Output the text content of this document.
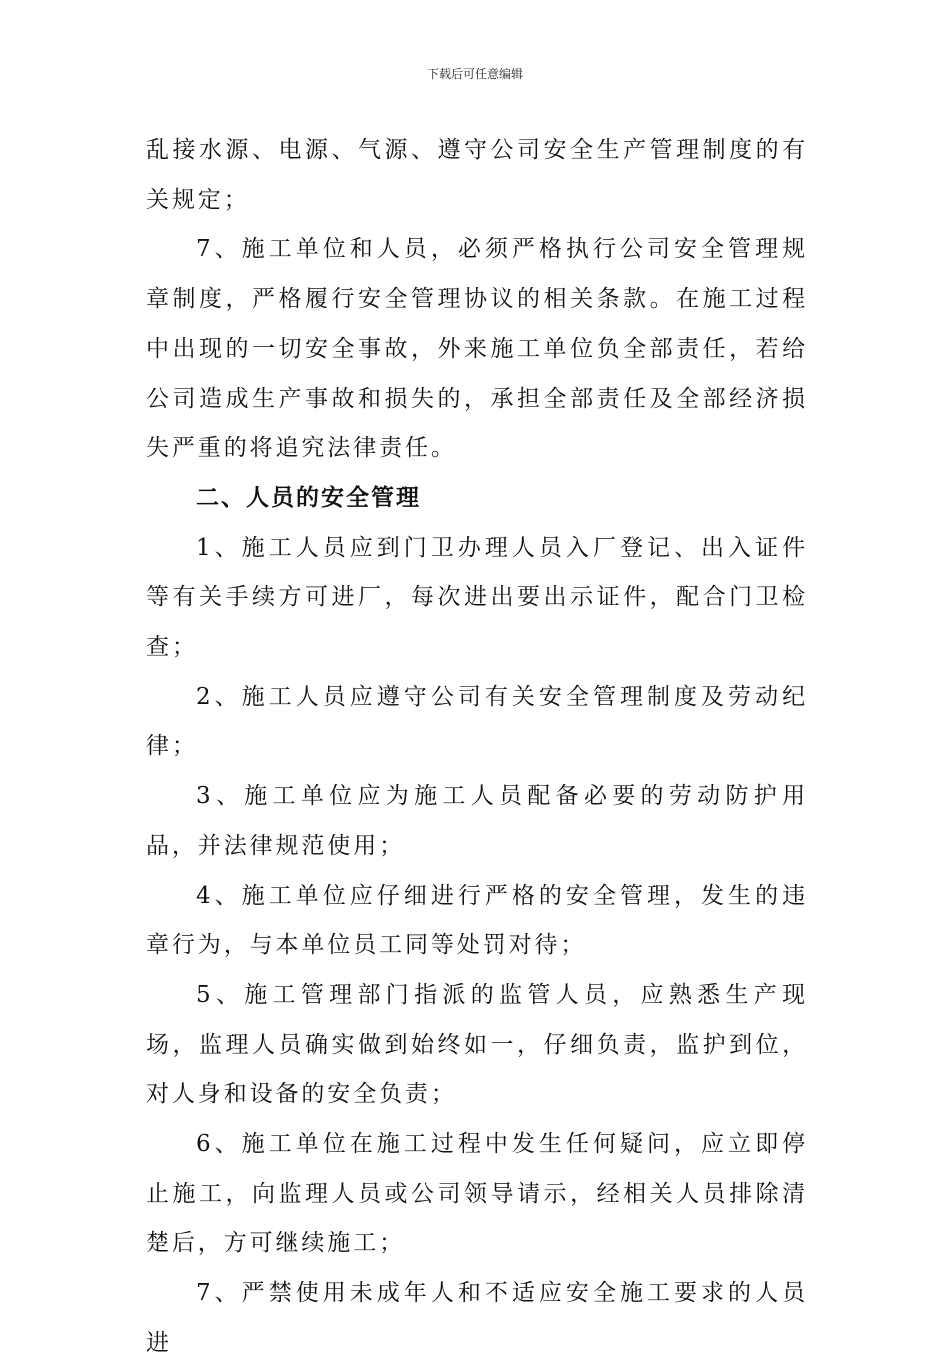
下载后可任意编辑

乱接水源、电源、气源、遵守公司安全生产管理制度的有关规定；

7、施工单位和人员，必须严格执行公司安全管理规章制度，严格履行安全管理协议的相关条款。在施工过程中出现的一切安全事故，外来施工单位负全部责任，若给公司造成生产事故和损失的，承担全部责任及全部经济损失严重的将追究法律责任。

二、人员的安全管理

1、施工人员应到门卫办理人员入厂登记、出入证件等有关手续方可进厂，每次进出要出示证件，配合门卫检查；

2、施工人员应遵守公司有关安全管理制度及劳动纪律；

3、施工单位应为施工人员配备必要的劳动防护用品，并法律规范使用；

4、施工单位应仔细进行严格的安全管理，发生的违章行为，与本单位员工同等处罚对待；

5、施工管理部门指派的监管人员，应熟悉生产现场，监理人员确实做到始终如一，仔细负责，监护到位，对人身和设备的安全负责；

6、施工单位在施工过程中发生任何疑问，应立即停止施工，向监理人员或公司领导请示，经相关人员排除清楚后，方可继续施工；

7、严禁使用未成年人和不适应安全施工要求的人员进
